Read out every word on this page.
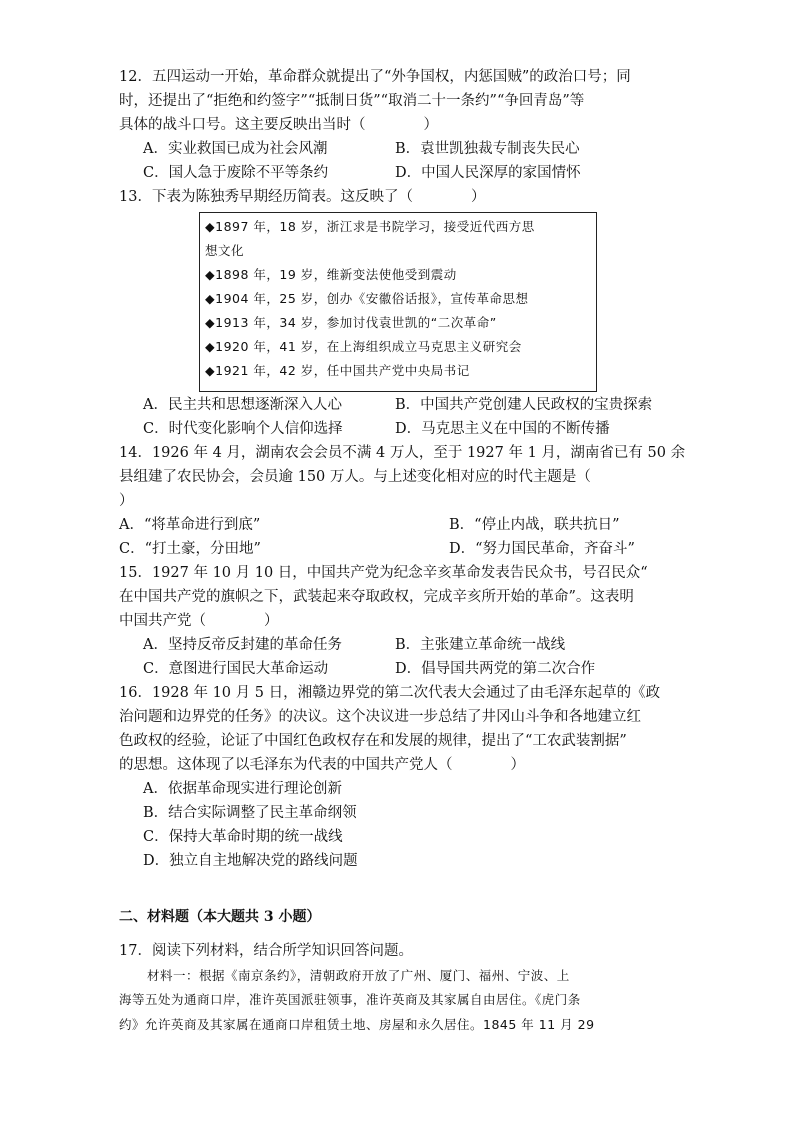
12．五四运动一开始，革命群众就提出了“外争国权，内惩国贼”的政治口号；同
时，还提出了“拒绝和约签字”“抵制日货”“取消二十一条约”“争回青岛”等
具体的战斗口号。这主要反映出当时（　　　　）
A．实业救国已成为社会风潮	B．袁世凯独裁专制丧失民心
C．国人急于废除不平等条约	D．中国人民深厚的家国情怀
13．下表为陈独秀早期经历简表。这反映了（　　　　）
◆1897 年，18 岁，浙江求是书院学习，接受近代西方思
想文化
◆1898 年，19 岁，维新变法使他受到震动
◆1904 年，25 岁，创办《安徽俗话报》，宣传革命思想
◆1913 年，34 岁，参加讨伐袁世凯的“二次革命”
◆1920 年，41 岁，在上海组织成立马克思主义研究会
◆1921 年，42 岁，任中国共产党中央局书记
A．民主共和思想逐渐深入人心	B．中国共产党创建人民政权的宝贵探索
C．时代变化影响个人信仰选择	D．马克思主义在中国的不断传播
14．1926 年 4 月，湖南农会会员不满 4 万人，至于 1927 年 1 月，湖南省已有 50 余
县组建了农民协会，会员逾 150 万人。与上述变化相对应的时代主题是（
）
A．“将革命进行到底”	B．“停止内战，联共抗日”
C．“打土豪，分田地”	D．“努力国民革命，齐奋斗”
15．1927 年 10 月 10 日，中国共产党为纪念辛亥革命发表告民众书，号召民众“
在中国共产党的旗帜之下，武装起来夺取政权，完成辛亥所开始的革命”。这表明
中国共产党（　　　　）
A．坚持反帝反封建的革命任务	B．主张建立革命统一战线
C．意图进行国民大革命运动	D．倡导国共两党的第二次合作
16．1928 年 10 月 5 日，湘赣边界党的第二次代表大会通过了由毛泽东起草的《政
治问题和边界党的任务》的决议。这个决议进一步总结了井冈山斗争和各地建立红
色政权的经验，论证了中国红色政权存在和发展的规律，提出了“工农武装割据”
的思想。这体现了以毛泽东为代表的中国共产党人（　　　　）
A．依据革命现实进行理论创新
B．结合实际调整了民主革命纲领
C．保持大革命时期的统一战线
D．独立自主地解决党的路线问题
二、材料题（本大题共 3 小题）
17．阅读下列材料，结合所学知识回答问题。
材料一：根据《南京条约》，清朝政府开放了广州、厦门、福州、宁波、上
海等五处为通商口岸，准许英国派驻领事，准许英商及其家属自由居住。《虎门条
约》允许英商及其家属在通商口岸租赁土地、房屋和永久居住。1845 年 11 月 29
